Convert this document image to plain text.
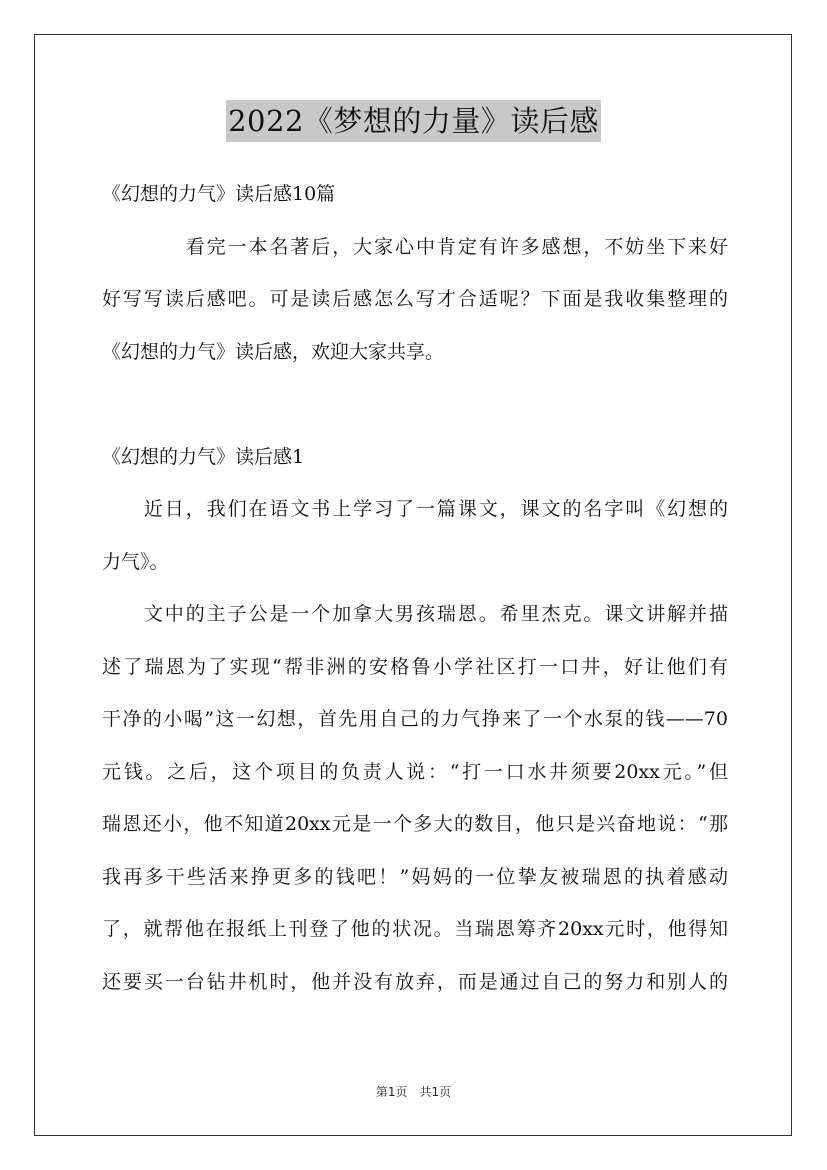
2022《梦想的力量》读后感
《幻想的力气》读后感10篇
　　　　看完一本名著后，大家心中肯定有许多感想，不妨坐下来好
好写写读后感吧。可是读后感怎么写才合适呢？下面是我收集整理的
《幻想的力气》读后感，欢迎大家共享。
《幻想的力气》读后感1
　　近日，我们在语文书上学习了一篇课文，课文的名字叫《幻想的
力气》。
　　文中的主子公是一个加拿大男孩瑞恩。希里杰克。课文讲解并描
述了瑞恩为了实现“帮非洲的安格鲁小学社区打一口井，好让他们有
干净的小喝”这一幻想，首先用自己的力气挣来了一个水泵的钱——70
元钱。之后，这个项目的负责人说：“打一口水井须要20xx元。”但
瑞恩还小，他不知道20xx元是一个多大的数目，他只是兴奋地说：“那
我再多干些活来挣更多的钱吧！”妈妈的一位挚友被瑞恩的执着感动
了，就帮他在报纸上刊登了他的状况。当瑞恩筹齐20xx元时，他得知
还要买一台钻井机时，他并没有放弃，而是通过自己的努力和别人的
第1页　共1页
